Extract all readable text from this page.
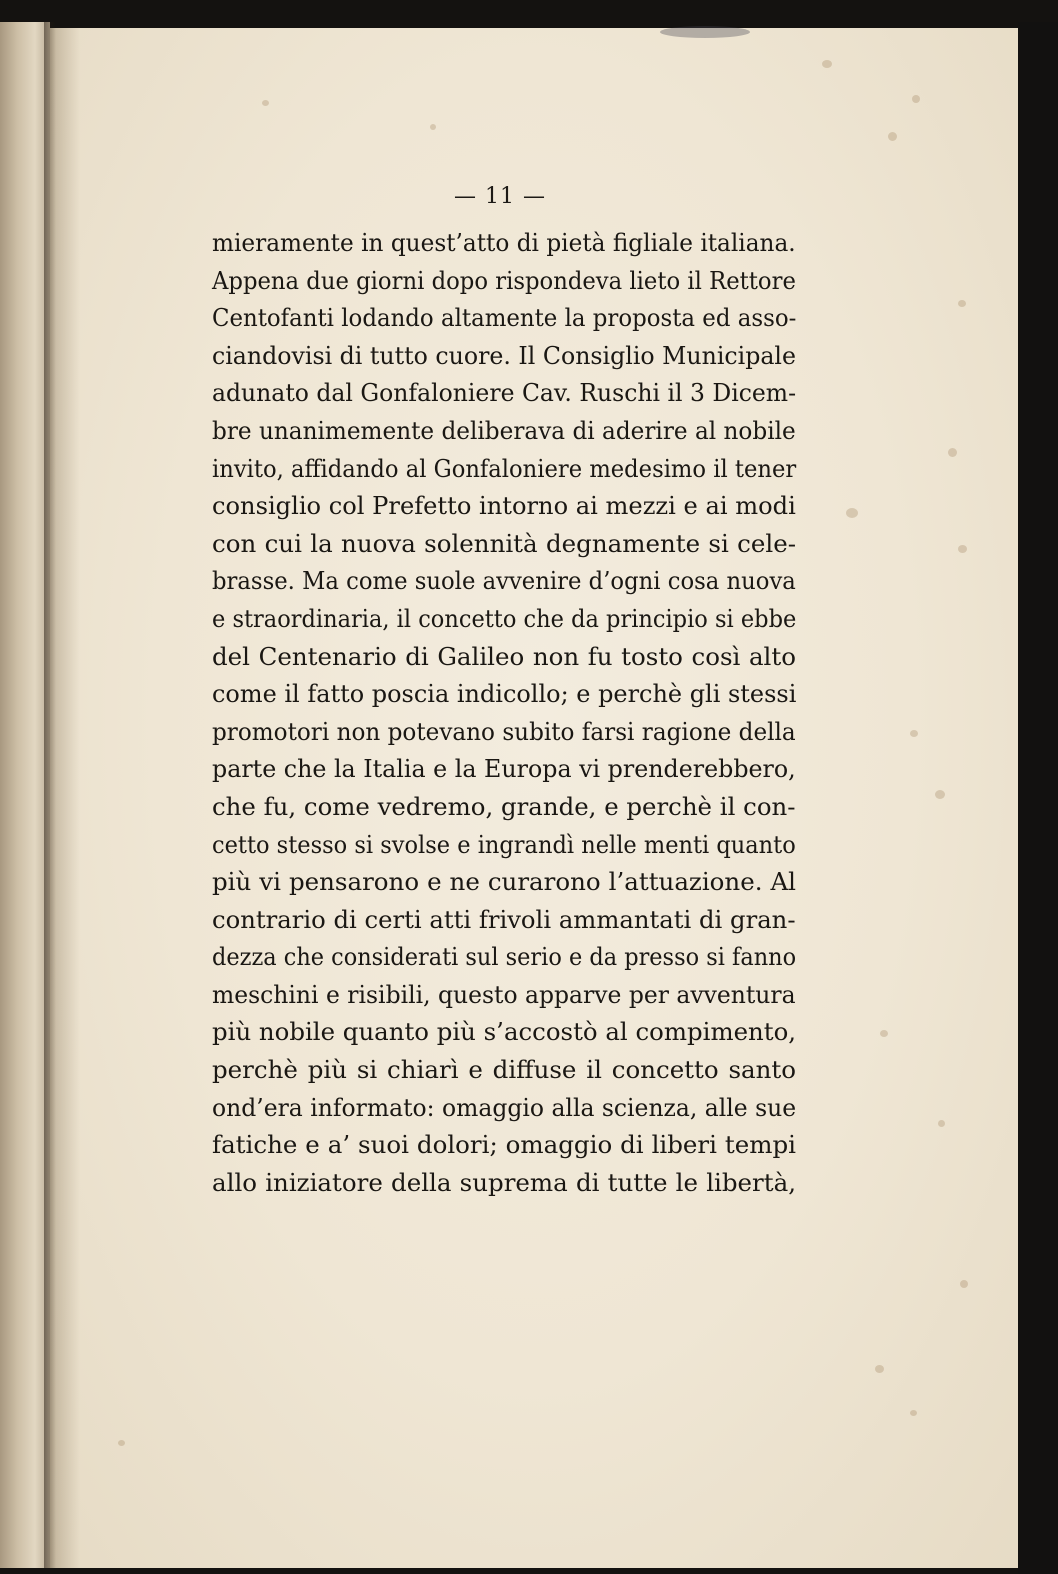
— 11 —
mieramente in quest’atto di pietà figliale italiana.
Appena due giorni dopo rispondeva lieto il Rettore
Centofanti lodando altamente la proposta ed asso-
ciandovisi di tutto cuore. Il Consiglio Municipale
adunato dal Gonfaloniere Cav. Ruschi il 3 Dicem-
bre unanimemente deliberava di aderire al nobile
invito, affidando al Gonfaloniere medesimo il tener
consiglio col Prefetto intorno ai mezzi e ai modi
con cui la nuova solennità degnamente si cele-
brasse. Ma come suole avvenire d’ogni cosa nuova
e straordinaria, il concetto che da principio si ebbe
del Centenario di Galileo non fu tosto così alto
come il fatto poscia indicollo; e perchè gli stessi
promotori non potevano subito farsi ragione della
parte che la Italia e la Europa vi prenderebbero,
che fu, come vedremo, grande, e perchè il con-
cetto stesso si svolse e ingrandì nelle menti quanto
più vi pensarono e ne curarono l’attuazione. Al
contrario di certi atti frivoli ammantati di gran-
dezza che considerati sul serio e da presso si fanno
meschini e risibili, questo apparve per avventura
più nobile quanto più s’accostò al compimento,
perchè più si chiarì e diffuse il concetto santo
ond’era informato: omaggio alla scienza, alle sue
fatiche e a’ suoi dolori; omaggio di liberi tempi
allo iniziatore della suprema di tutte le libertà,
